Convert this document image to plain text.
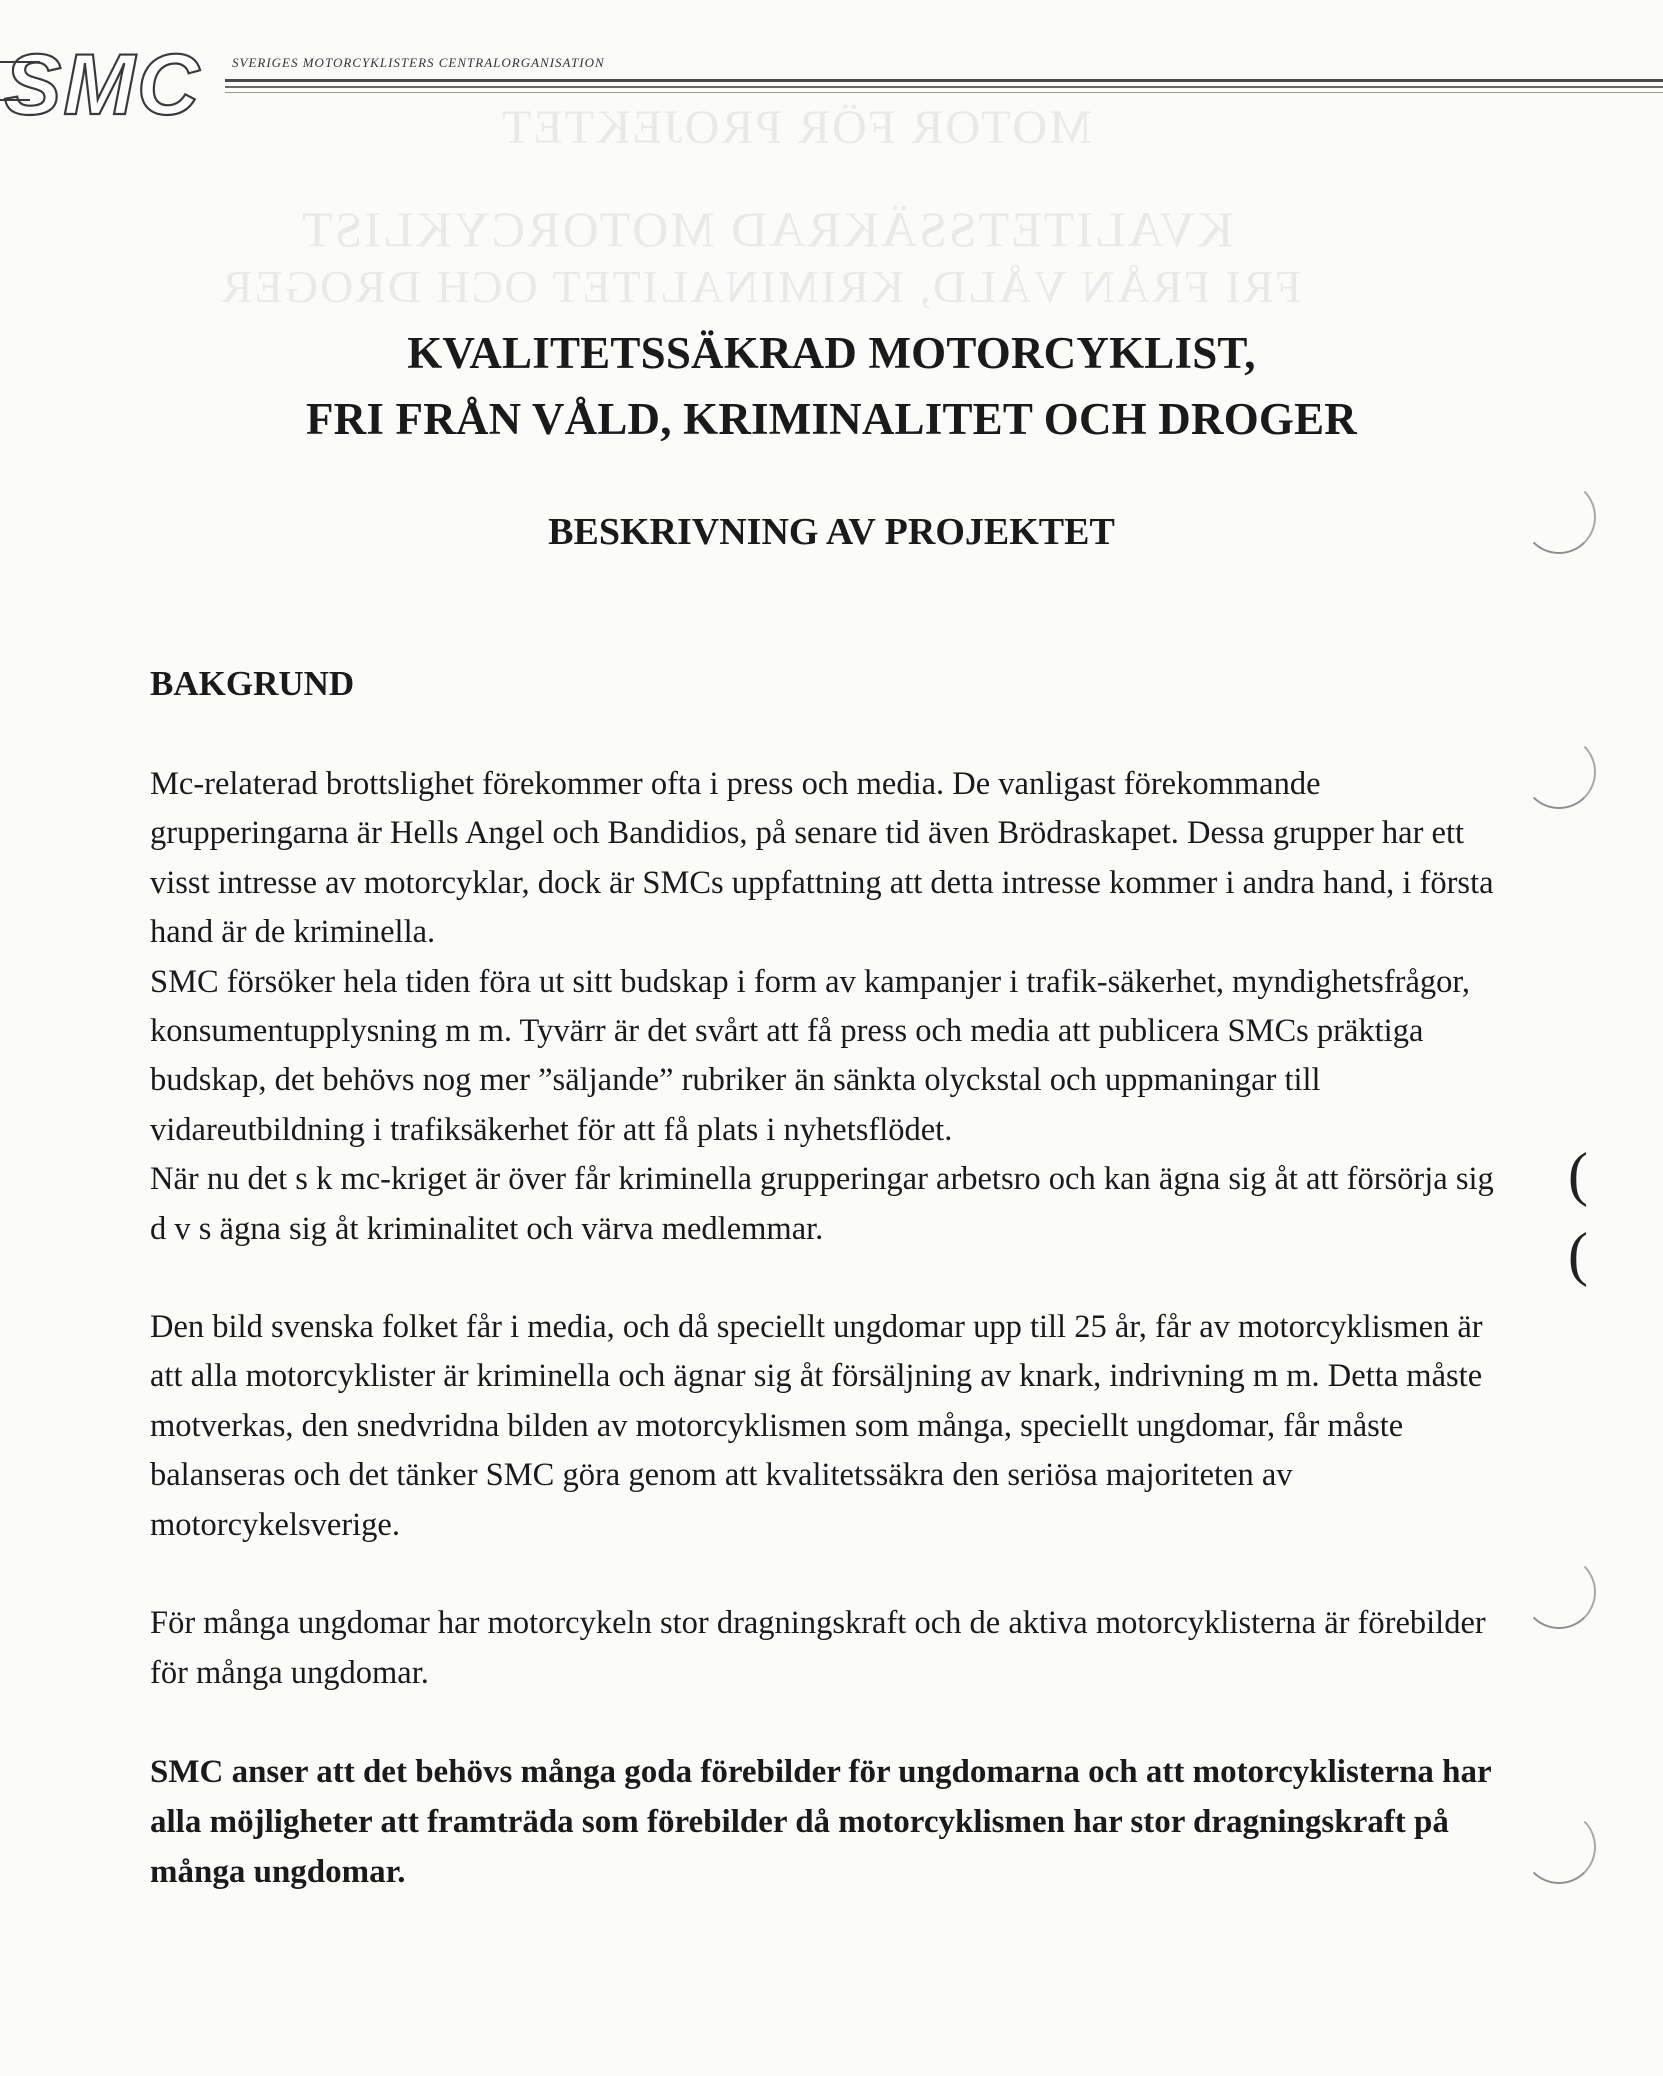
MOTOR FÖR PROJEKTET
KVALITETSSÄKRAD MOTORCYKLIST
FRI FRÅN VÅLD, KRIMINALITET OCH DROGER
SMC SVERIGES MOTORCYKLISTERS CENTRALORGANISATION
KVALITETSSÄKRAD MOTORCYKLIST,
FRI FRÅN VÅLD, KRIMINALITET OCH DROGER
BESKRIVNING AV PROJEKTET
BAKGRUND

Mc-relaterad brottslighet förekommer ofta i press och media. De vanligast förekommande grupperingarna är Hells Angel och Bandidios, på senare tid även Brödraskapet. Dessa grupper har ett visst intresse av motorcyklar, dock är SMCs uppfattning att detta intresse kommer i andra hand, i första hand är de kriminella.

SMC försöker hela tiden föra ut sitt budskap i form av kampanjer i trafik-säkerhet, myndighetsfrågor, konsumentupplysning m m. Tyvärr är det svårt att få press och media att publicera SMCs präktiga budskap, det behövs nog mer ”säljande” rubriker än sänkta olyckstal och uppmaningar till vidareutbildning i trafiksäkerhet för att få plats i nyhetsflödet.

När nu det s k mc-kriget är över får kriminella grupperingar arbetsro och kan ägna sig åt att försörja sig d v s ägna sig åt kriminalitet och värva medlemmar.

Den bild svenska folket får i media, och då speciellt ungdomar upp till 25 år, får av motorcyklismen är att alla motorcyklister är kriminella och ägnar sig åt försäljning av knark, indrivning m m. Detta måste motverkas, den snedvridna bilden av motorcyklismen som många, speciellt ungdomar, får måste balanseras och det tänker SMC göra genom att kvalitetssäkra den seriösa majoriteten av motorcykelsverige.

För många ungdomar har motorcykeln stor dragningskraft och de aktiva motorcyklisterna är förebilder för många ungdomar.

SMC anser att det behövs många goda förebilder för ungdomarna och att motorcyklisterna har alla möjligheter att framträda som förebilder då motorcyklismen har stor dragningskraft på många ungdomar.

(
(
